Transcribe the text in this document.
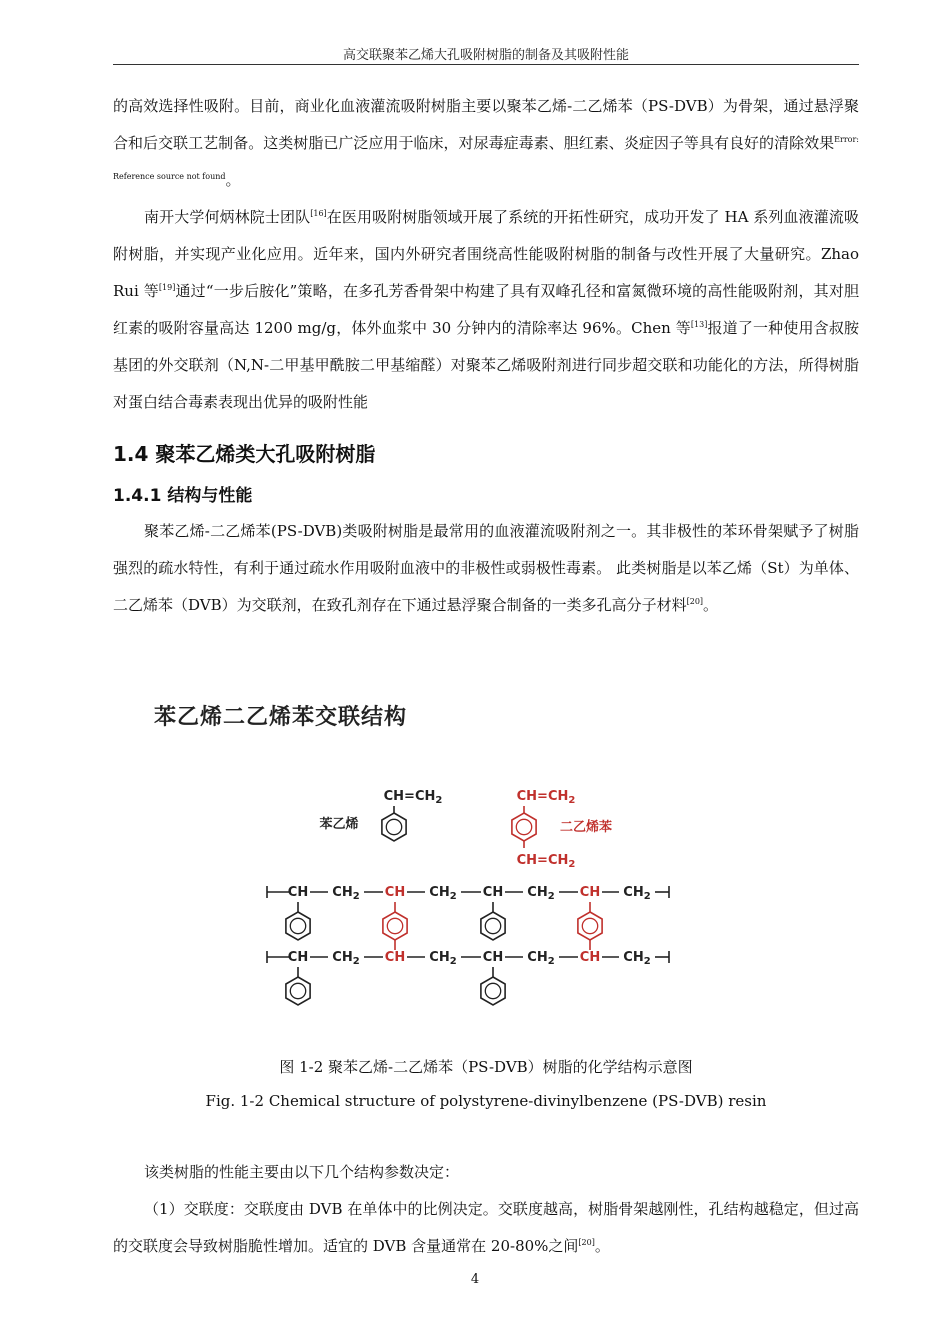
高交联聚苯乙烯大孔吸附树脂的制备及其吸附性能

的高效选择性吸附。目前，商业化血液灌流吸附树脂主要以聚苯乙烯-二乙烯苯（PS-DVB）为骨架，通过悬浮聚合和后交联工艺制备。这类树脂已广泛应用于临床，对尿毒症毒素、胆红素、炎症因子等具有良好的清除效果$^{Error: Reference source not found}$。

南开大学何炳林院士团队[16]在医用吸附树脂领域开展了系统的开拓性研究，成功开发了 HA 系列血液灌流吸附树脂，并实现产业化应用。近年来，国内外研究者围绕高性能吸附树脂的制备与改性开展了大量研究。Zhao Rui 等[19]通过“一步后胺化”策略，在多孔芳香骨架中构建了具有双峰孔径和富氮微环境的高性能吸附剂，其对胆红素的吸附容量高达 1200 mg/g，体外血浆中 30 分钟内的清除率达 96%。Chen 等[13]报道了一种使用含叔胺基团的外交联剂（N,N-二甲基甲酰胺二甲基缩醛）对聚苯乙烯吸附剂进行同步超交联和功能化的方法，所得树脂对蛋白结合毒素表现出优异的吸附性能

1.4 聚苯乙烯类大孔吸附树脂
1.4.1 结构与性能

聚苯乙烯-二乙烯苯(PS-DVB)类吸附树脂是最常用的血液灌流吸附剂之一。其非极性的苯环骨架赋予了树脂强烈的疏水特性，有利于通过疏水作用吸附血液中的非极性或弱极性毒素。 此类树脂是以苯乙烯（St）为单体、二乙烯苯（DVB）为交联剂，在致孔剂存在下通过悬浮聚合制备的一类多孔高分子材料[20]。

苯乙烯二乙烯苯交联结构
苯乙烯
$CH=CH_2$	$CH=CH_2$
$CH=CH_2$
二乙烯苯
CH $CH_2$ CH $CH_2$ CH $CH_2$ CH $CH_2$
CH $CH_2$ CH $CH_2$ CH $CH_2$ CH $CH_2$
图 1-2 聚苯乙烯-二乙烯苯（PS-DVB）树脂的化学结构示意图
Fig. 1-2 Chemical structure of polystyrene-divinylbenzene (PS-DVB) resin

该类树脂的性能主要由以下几个结构参数决定：

（1）交联度：交联度由 DVB 在单体中的比例决定。交联度越高，树脂骨架越刚性，孔结构越稳定，但过高的交联度会导致树脂脆性增加。适宜的 DVB 含量通常在 20-80%之间[20]。

4
